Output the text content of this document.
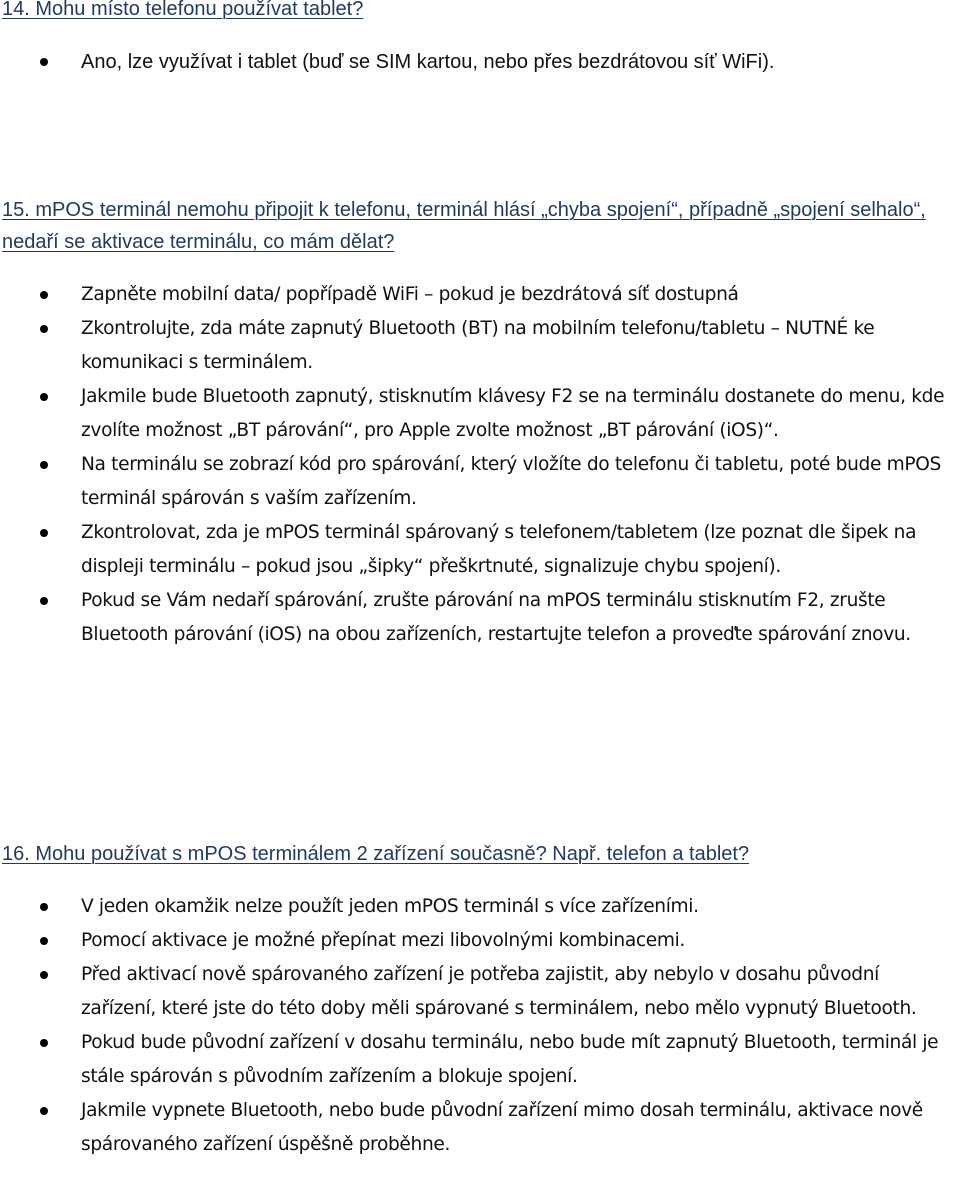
14. Mohu místo telefonu používat tablet?
Ano, lze využívat i tablet (buď se SIM kartou, nebo přes bezdrátovou síť WiFi).
15. mPOS terminál nemohu připojit k telefonu, terminál hlásí „chyba spojení“, případně „spojení selhalo“, nedaří se aktivace terminálu, co mám dělat?
Zapněte mobilní data/ popřípadě WiFi – pokud je bezdrátová síť dostupná
Zkontrolujte, zda máte zapnutý Bluetooth (BT) na mobilním telefonu/tabletu – NUTNÉ ke komunikaci s terminálem.
Jakmile bude Bluetooth zapnutý, stisknutím klávesy F2 se na terminálu dostanete do menu, kde zvolíte možnost „BT párování“, pro Apple zvolte možnost „BT párování (iOS)“.
Na terminálu se zobrazí kód pro spárování, který vložíte do telefonu či tabletu, poté bude mPOS terminál spárován s vaším zařízením.
Zkontrolovat, zda je mPOS terminál spárovaný s telefonem/tabletem (lze poznat dle šipek na displeji terminálu – pokud jsou „šipky“ přeškrtnuté, signalizuje chybu spojení).
Pokud se Vám nedaří spárování, zrušte párování na mPOS terminálu stisknutím F2, zrušte Bluetooth párování (iOS) na obou zařízeních, restartujte telefon a proveďte spárování znovu.
16. Mohu používat s mPOS terminálem 2 zařízení současně? Např. telefon a tablet?
V jeden okamžik nelze použít jeden mPOS terminál s více zařízeními.
Pomocí aktivace je možné přepínat mezi libovolnými kombinacemi.
Před aktivací nově spárovaného zařízení je potřeba zajistit, aby nebylo v dosahu původní zařízení, které jste do této doby měli spárované s terminálem, nebo mělo vypnutý Bluetooth.
Pokud bude původní zařízení v dosahu terminálu, nebo bude mít zapnutý Bluetooth, terminál je stále spárován s původním zařízením a blokuje spojení.
Jakmile vypnete Bluetooth, nebo bude původní zařízení mimo dosah terminálu, aktivace nově spárovaného zařízení úspěšně proběhne.
